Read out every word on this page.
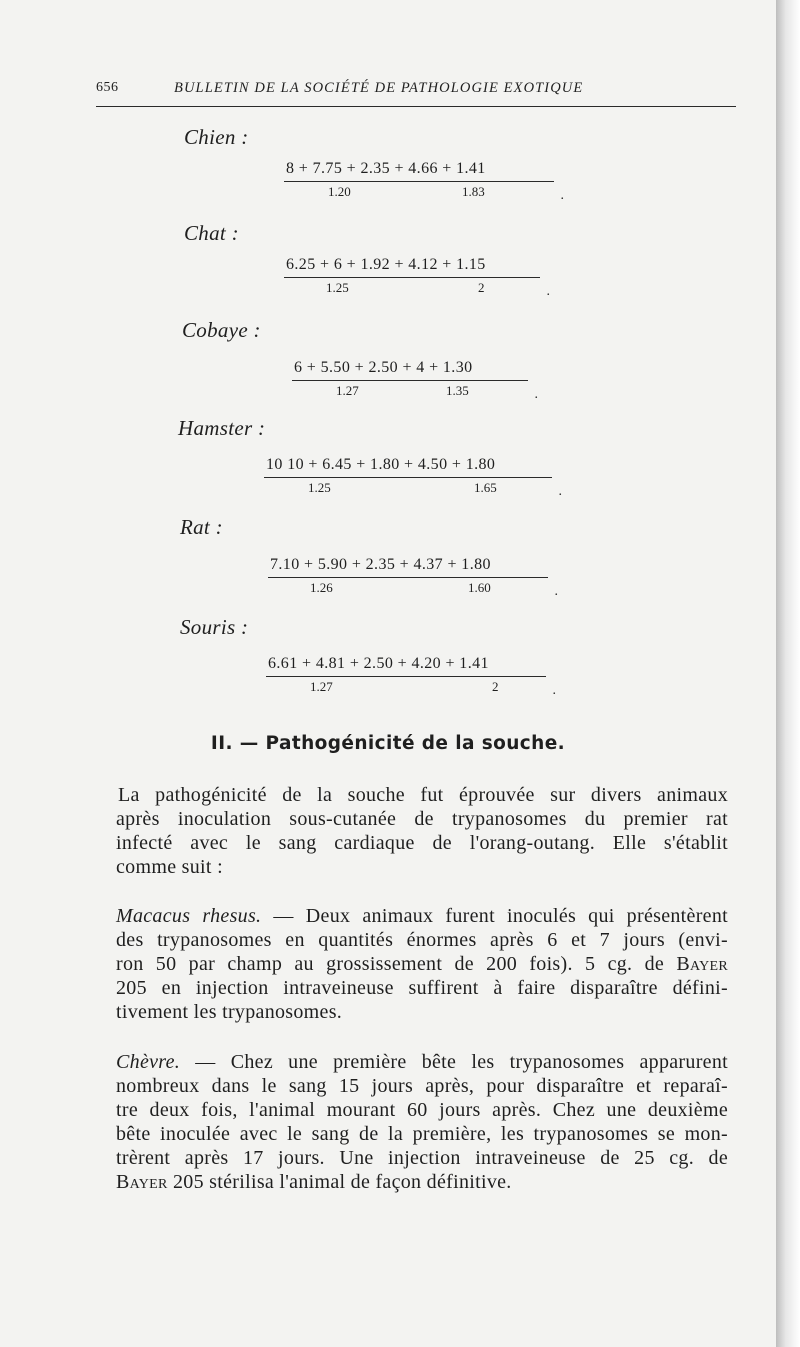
656	BULLETIN DE LA SOCIÉTÉ DE PATHOLOGIE EXOTIQUE
Chien :
8 + 7.75 + 2.35 + 4.66 + 1.41
1.20	1.83	.
Chat :
6.25 + 6 + 1.92 + 4.12 + 1.15
1.25	2	.
Cobaye :
6 + 5.50 + 2.50 + 4 + 1.30
1.27	1.35	.
Hamster :
10 10 + 6.45 + 1.80 + 4.50 + 1.80
1.25	1.65	.
Rat :
7.10 + 5.90 + 2.35 + 4.37 + 1.80
1.26	1.60	.
Souris :
6.61 + 4.81 + 2.50 + 4.20 + 1.41
1.27	2	.
II. — Pathogénicité de la souche.
La pathogénicité de la souche fut éprouvée sur divers animaux
après inoculation sous-cutanée de trypanosomes du premier rat
infecté avec le sang cardiaque de l'orang-outang. Elle s'établit
comme suit :
Macacus rhesus. — Deux animaux furent inoculés qui présentèrent
des trypanosomes en quantités énormes après 6 et 7 jours (envi-
ron 50 par champ au grossissement de 200 fois). 5 cg. de Bayer
205 en injection intraveineuse suffirent à faire disparaître défini-
tivement les trypanosomes.
Chèvre. — Chez une première bête les trypanosomes apparurent
nombreux dans le sang 15 jours après, pour disparaître et reparaî-
tre deux fois, l'animal mourant 60 jours après. Chez une deuxième
bête inoculée avec le sang de la première, les trypanosomes se mon-
trèrent après 17 jours. Une injection intraveineuse de 25 cg. de
Bayer 205 stérilisa l'animal de façon définitive.
